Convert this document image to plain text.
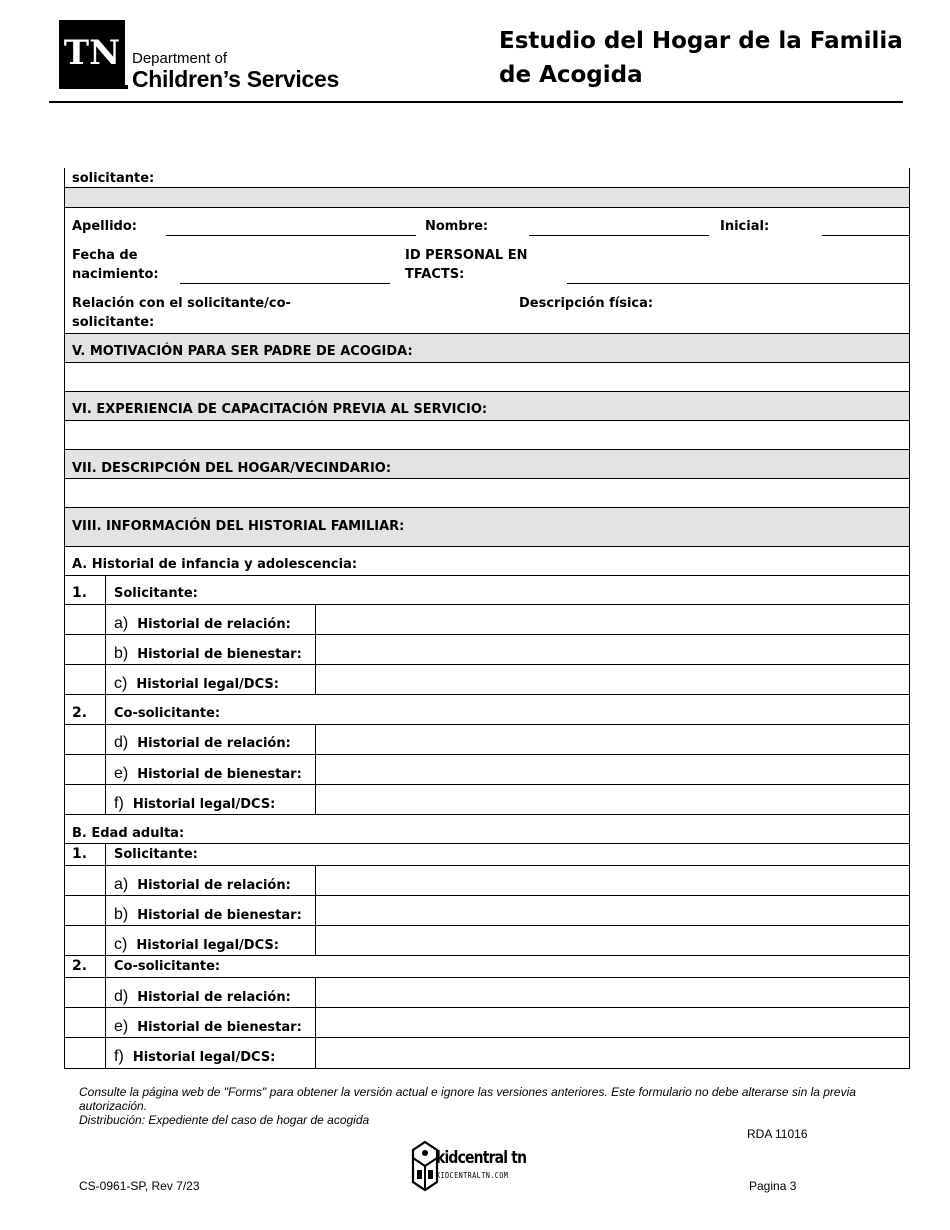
TN Department of
Children’s Services
Estudio del Hogar de la Familia de Acogida
solicitante:
Apellido:	Nombre:	Inicial:
Fecha de
nacimiento:
ID PERSONAL EN
TFACTS:
Relación con el solicitante/co-
solicitante:
Descripción física:
V. MOTIVACIÓN PARA SER PADRE DE ACOGIDA:
VI. EXPERIENCIA DE CAPACITACIÓN PREVIA AL SERVICIO:
VII. DESCRIPCIÓN DEL HOGAR/VECINDARIO:
VIII. INFORMACIÓN DEL HISTORIAL FAMILIAR:
A. Historial de infancia y adolescencia:
1. Solicitante:
a) Historial de relación:
b) Historial de bienestar:
c) Historial legal/DCS:
2. Co-solicitante:
d) Historial de relación:
e) Historial de bienestar:
f) Historial legal/DCS:
B. Edad adulta:
1. Solicitante:
a) Historial de relación:
b) Historial de bienestar:
c) Historial legal/DCS:
2. Co-solicitante:
d) Historial de relación:
e) Historial de bienestar:
f) Historial legal/DCS:
Consulte la página web de "Forms" para obtener la versión actual e ignore las versiones anteriores. Este formulario no debe alterarse sin la previa
autorización.
Distribución: Expediente del caso de hogar de acogida
RDA 11016
CS-0961-SP, Rev 7/23	Pagina 3
kidcentral tn
KIDCENTRALTN.COM
